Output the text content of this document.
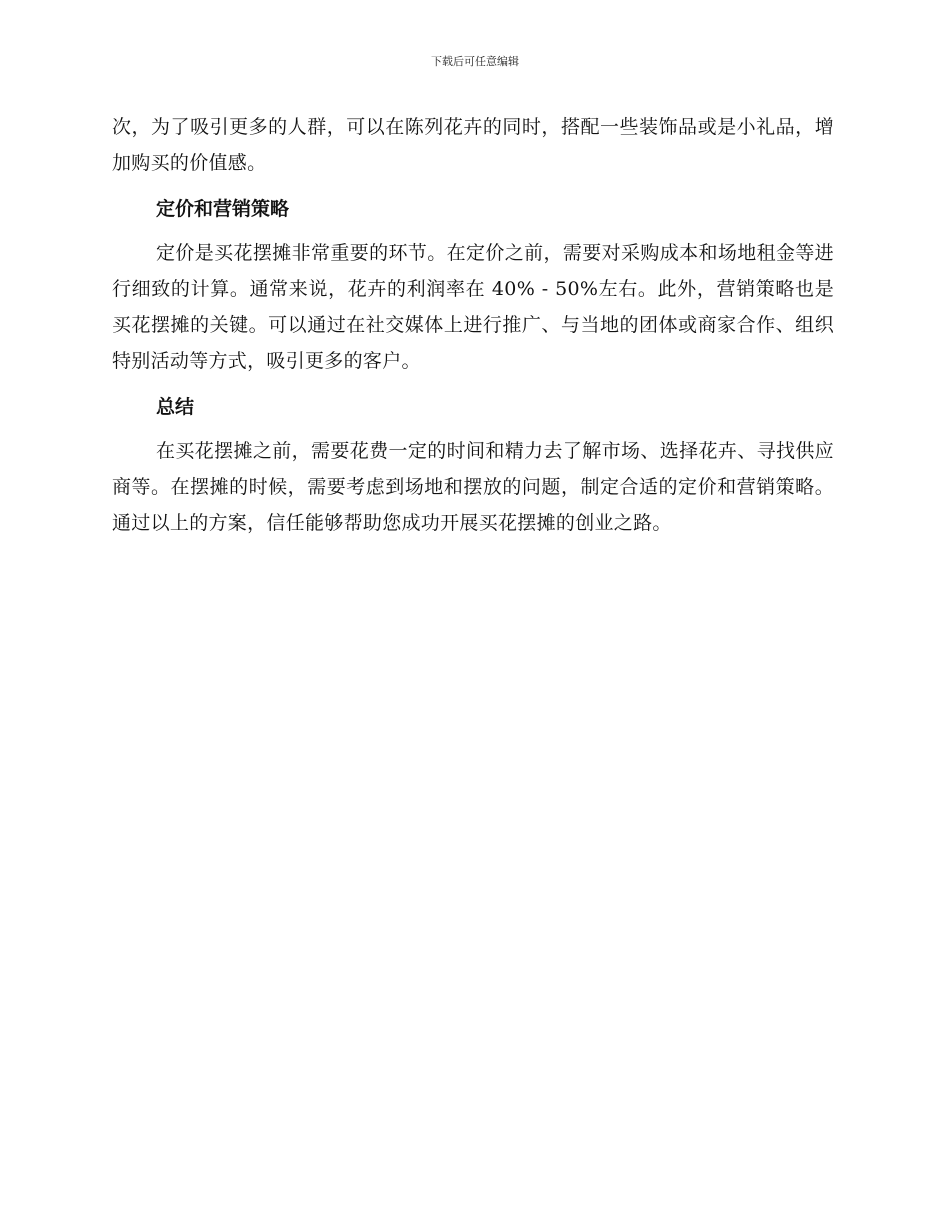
下载后可任意编辑

次，为了吸引更多的人群，可以在陈列花卉的同时，搭配一些装饰品或是小礼品，增加购买的价值感。

定价和营销策略

定价是买花摆摊非常重要的环节。在定价之前，需要对采购成本和场地租金等进行细致的计算。通常来说，花卉的利润率在 40% - 50%左右。此外，营销策略也是买花摆摊的关键。可以通过在社交媒体上进行推广、与当地的团体或商家合作、组织特别活动等方式，吸引更多的客户。

总结

在买花摆摊之前，需要花费一定的时间和精力去了解市场、选择花卉、寻找供应商等。在摆摊的时候，需要考虑到场地和摆放的问题，制定合适的定价和营销策略。通过以上的方案，信任能够帮助您成功开展买花摆摊的创业之路。
